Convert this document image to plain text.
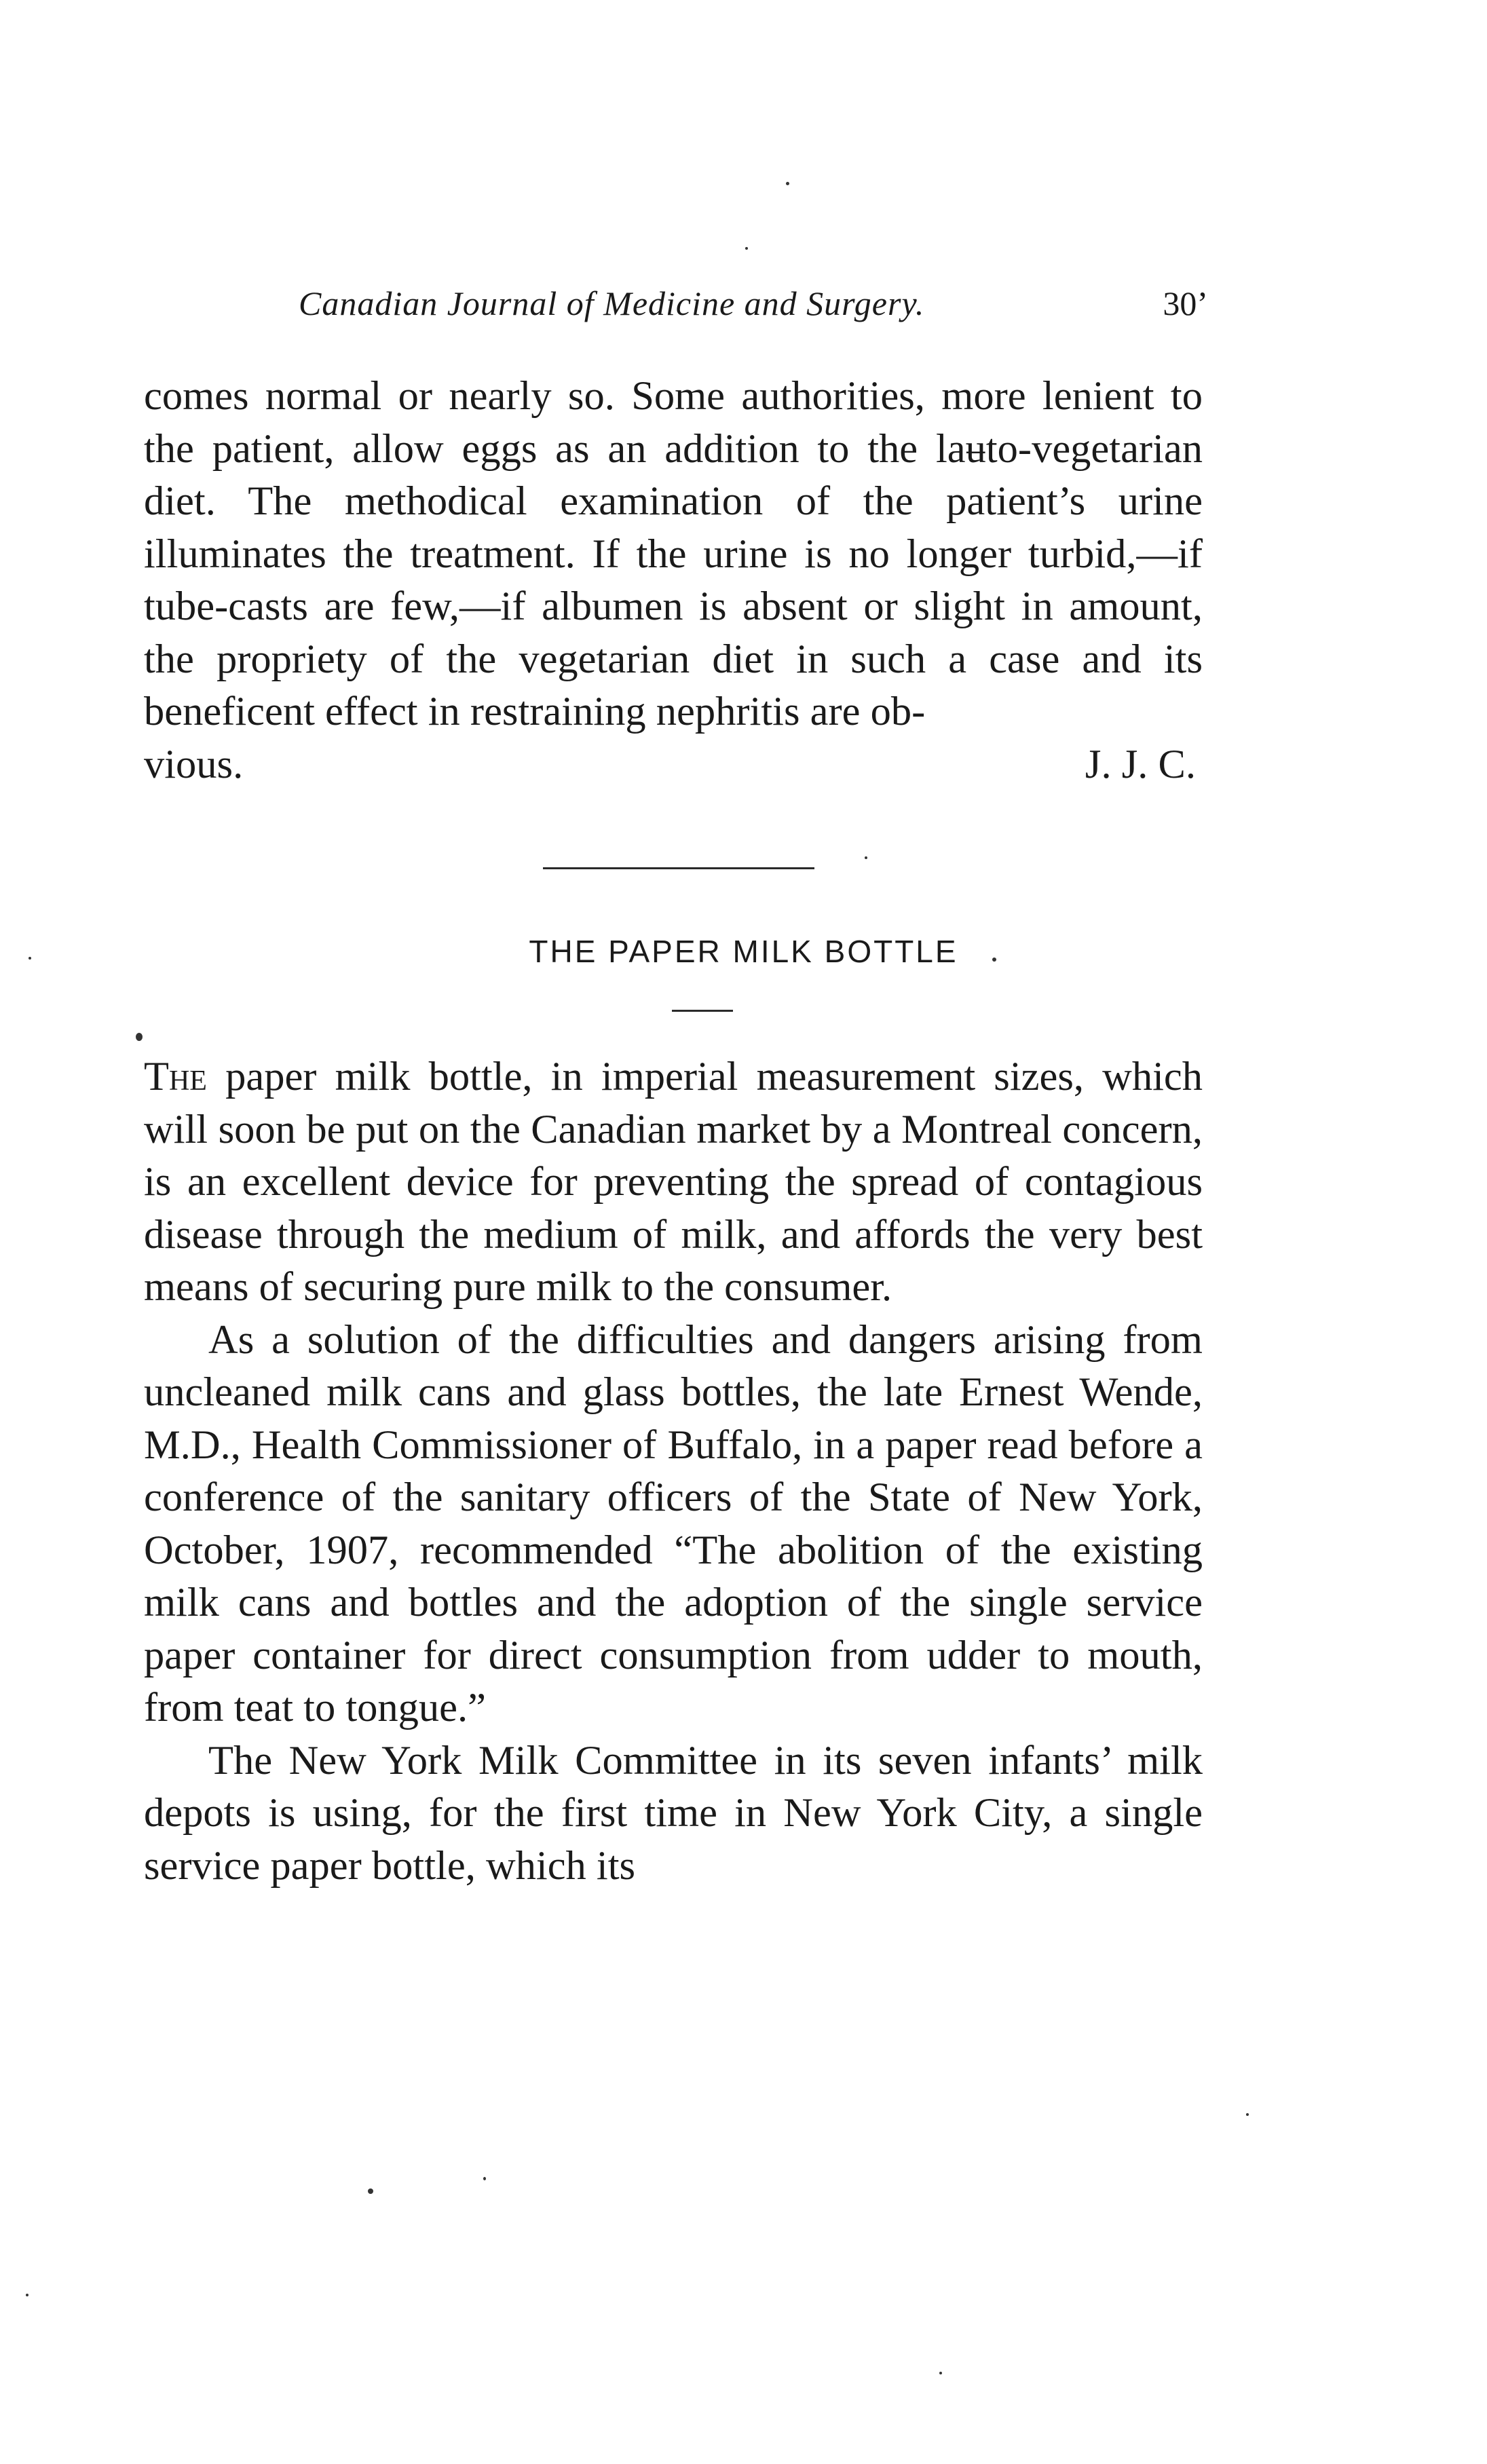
Canadian Journal of Medicine and Surgery.	30ʼ

comes normal or nearly so. Some authorities, more lenient to the patient, allow eggs as an addition to the laʉto-vegetarian diet. The methodical examination of the patient’s urine illuminates the treatment. If the urine is no longer turbid,—if tube-casts are few,—if albumen is absent or slight in amount, the propriety of the vegetarian diet in such a case and its beneficent effect in restraining nephritis are ob-

vious.	J. J. C.
THE PAPER MILK BOTTLE

The paper milk bottle, in imperial measurement sizes, which will soon be put on the Canadian market by a Montreal concern, is an excellent device for preventing the spread of contagious disease through the medium of milk, and affords the very best means of securing pure milk to the consumer.

As a solution of the difficulties and dangers arising from uncleaned milk cans and glass bottles, the late Ernest Wende, M.D., Health Commissioner of Buffalo, in a paper read before a conference of the sanitary officers of the State of New York, October, 1907, recommended “The abolition of the existing milk cans and bottles and the adoption of the single service paper container for direct consumption from udder to mouth, from teat to tongue.”

The New York Milk Committee in its seven infants’ milk depots is using, for the first time in New York City, a single service paper bottle, which its
